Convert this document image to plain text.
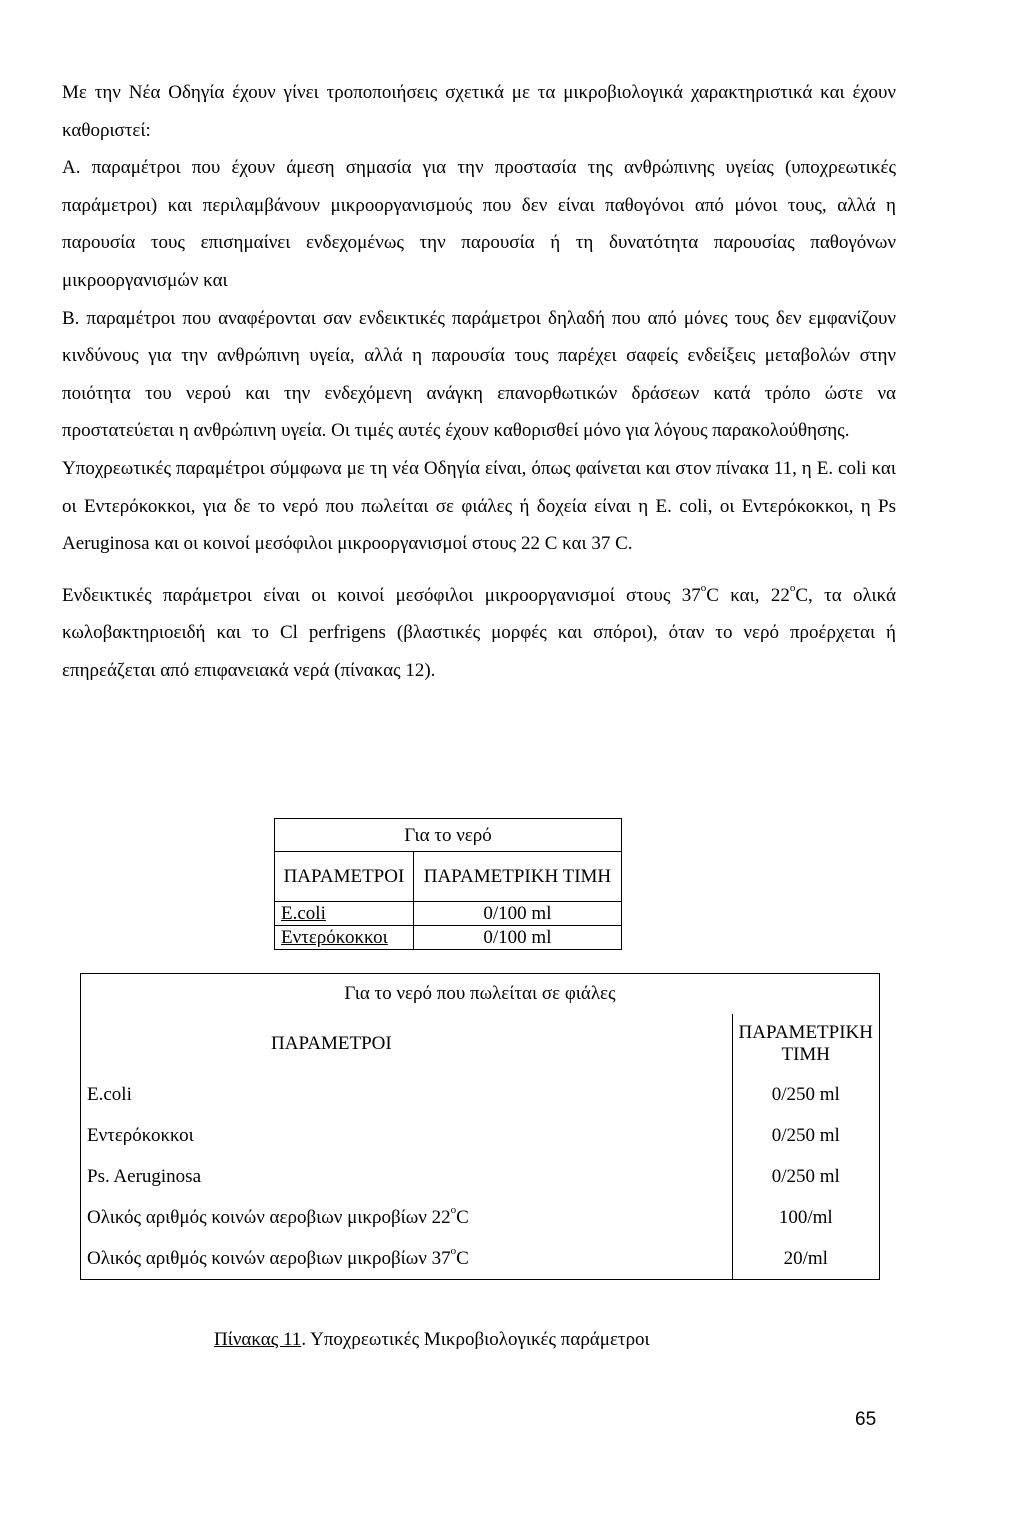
Με την Νέα Οδηγία έχουν γίνει τροποποιήσεις σχετικά με τα μικροβιολογικά χαρακτηριστικά και έχουν καθοριστεί:

Α. παραμέτροι που έχουν άμεση σημασία για την προστασία της ανθρώπινης υγείας (υποχρεωτικές παράμετροι) και περιλαμβάνουν μικροοργανισμούς που δεν είναι παθογόνοι από μόνοι τους, αλλά η παρουσία τους επισημαίνει ενδεχομένως την παρουσία ή τη δυνατότητα παρουσίας παθογόνων μικροοργανισμών και

Β. παραμέτροι που αναφέρονται σαν ενδεικτικές παράμετροι δηλαδή που από μόνες τους δεν εμφανίζουν κινδύνους για την ανθρώπινη υγεία, αλλά η παρουσία τους παρέχει σαφείς ενδείξεις μεταβολών στην ποιότητα του νερού και την ενδεχόμενη ανάγκη επανορθωτικών δράσεων κατά τρόπο ώστε να προστατεύεται η ανθρώπινη υγεία. Οι τιμές αυτές έχουν καθορισθεί μόνο για λόγους παρακολούθησης.

Υποχρεωτικές παραμέτροι σύμφωνα με τη νέα Οδηγία είναι, όπως φαίνεται και στον πίνακα 11, η E. coli και οι Εντερόκοκκοι, για δε το νερό που πωλείται σε φιάλες ή δοχεία είναι η E. coli, οι Εντερόκοκκοι, η Ps Aeruginosa και οι κοινοί μεσόφιλοι μικροοργανισμοί στους 22 C και 37 C.

Ενδεικτικές παράμετροι είναι οι κοινοί μεσόφιλοι μικροοργανισμοί στους 37$^o$C και, 22$^o$C, τα ολικά κωλοβακτηριοειδή και το Cl perfrigens (βλαστικές μορφές και σπόροι), όταν το νερό προέρχεται ή επηρεάζεται από επιφανειακά νερά (πίνακας 12).

Για το νερό	
ΠΑΡΑΜΕΤΡΟΙ	ΠΑΡΑΜΕΤΡΙΚΗ ΤΙΜΗ
E.coli	0/100 ml
Εντερόκοκκοι	0/100 ml
Για το νερό που πωλείται σε φιάλες	
ΠΑΡΑΜΕΤΡΟΙ	ΠΑΡΑΜΕΤΡΙΚΗ ΤΙΜΗ
E.coli	0/250 ml
Εντερόκοκκοι	0/250 ml
Ps. Aeruginosa	0/250 ml
Ολικός αριθμός κοινών αεροβιων μικροβίων 22$^o$C	100/ml
Ολικός αριθμός κοινών αεροβιων μικροβίων 37$^o$C	20/ml
Πίνακας 11. Υποχρεωτικές Μικροβιολογικές παράμετροι
65
